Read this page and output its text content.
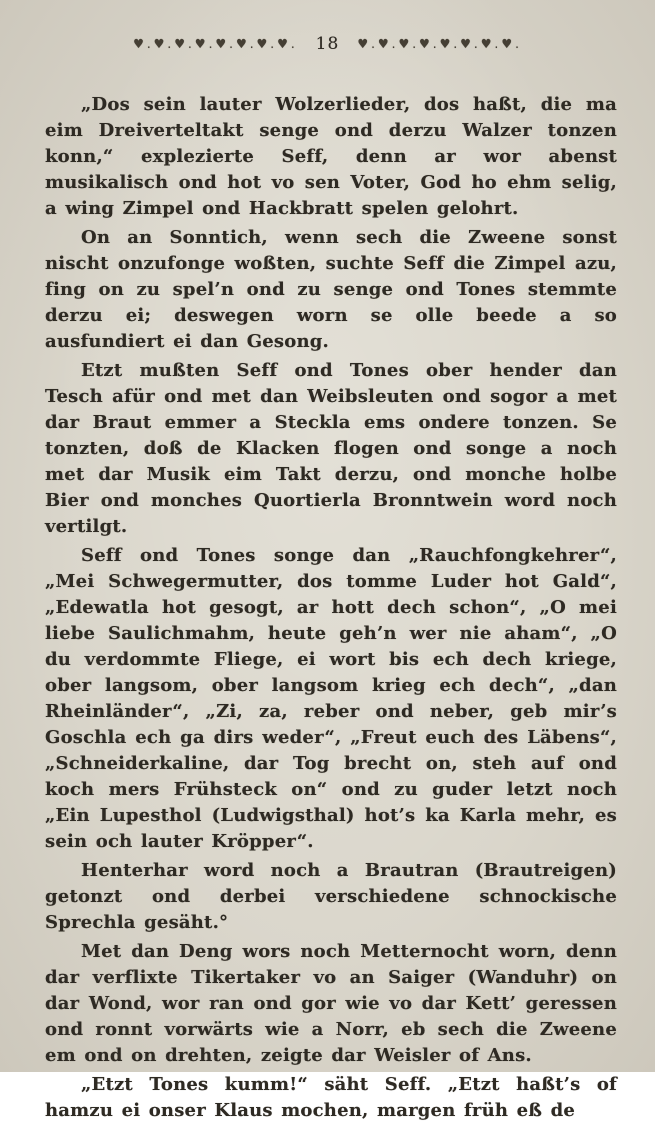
♥.♥.♥.♥.♥.♥.♥.♥. 18 ♥.♥.♥.♥.♥.♥.♥.♥.

„Dos sein lauter Wolzerlieder, dos haßt, die ma eim Dreiverteltakt senge ond derzu Walzer tonzen konn,“ explezierte Seff, denn ar wor abenst musikalisch ond hot vo sen Voter, God ho ehm selig, a wing Zimpel ond Hackbratt spelen gelohrt.

On an Sonntich, wenn sech die Zweene sonst nischt onzufonge woßten, suchte Seff die Zimpel azu, fing on zu spel’n ond zu senge ond Tones stemmte derzu ei; deswegen worn se olle beede a so ausfundiert ei dan Gesong.

Etzt mußten Seff ond Tones ober hender dan Tesch afür ond met dan Weibsleuten ond sogor a met dar Braut emmer a Steckla ems ondere tonzen. Se tonzten, doß de Klacken flogen ond songe a noch met dar Musik eim Takt derzu, ond monche holbe Bier ond monches Quortierla Bronntwein word noch vertilgt.

Seff ond Tones songe dan „Rauchfongkehrer“, „Mei Schwegermutter, dos tomme Luder hot Gald“, „Edewatla hot gesogt, ar hott dech schon“, „O mei liebe Saulichmahm, heute geh’n wer nie aham“, „O du verdommte Fliege, ei wort bis ech dech kriege, ober langsom, ober langsom krieg ech dech“, „dan Rheinländer“, „Zi, za, reber ond neber, geb mir’s Goschla ech ga dirs weder“, „Freut euch des Läbens“, „Schneiderkaline, dar Tog brecht on, steh auf ond koch mers Frühsteck on“ ond zu guder letzt noch „Ein Lupesthol (Ludwigsthal) hot’s ka Karla mehr, es sein och lauter Kröpper“.

Henterhar word noch a Brautran (Brautreigen) getonzt ond derbei verschiedene schnockische Sprechla gesäht.°

Met dan Deng wors noch Metternocht worn, denn dar verflixte Tikertaker vo an Saiger (Wanduhr) on dar Wond, wor ran ond gor wie vo dar Kett’ geressen ond ronnt vorwärts wie a Norr, eb sech die Zweene em ond on drehten, zeigte dar Weisler of Ans.

„Etzt Tones kumm!“ säht Seff. „Etzt haßt’s of hamzu ei onser Klaus mochen, margen früh eß de
